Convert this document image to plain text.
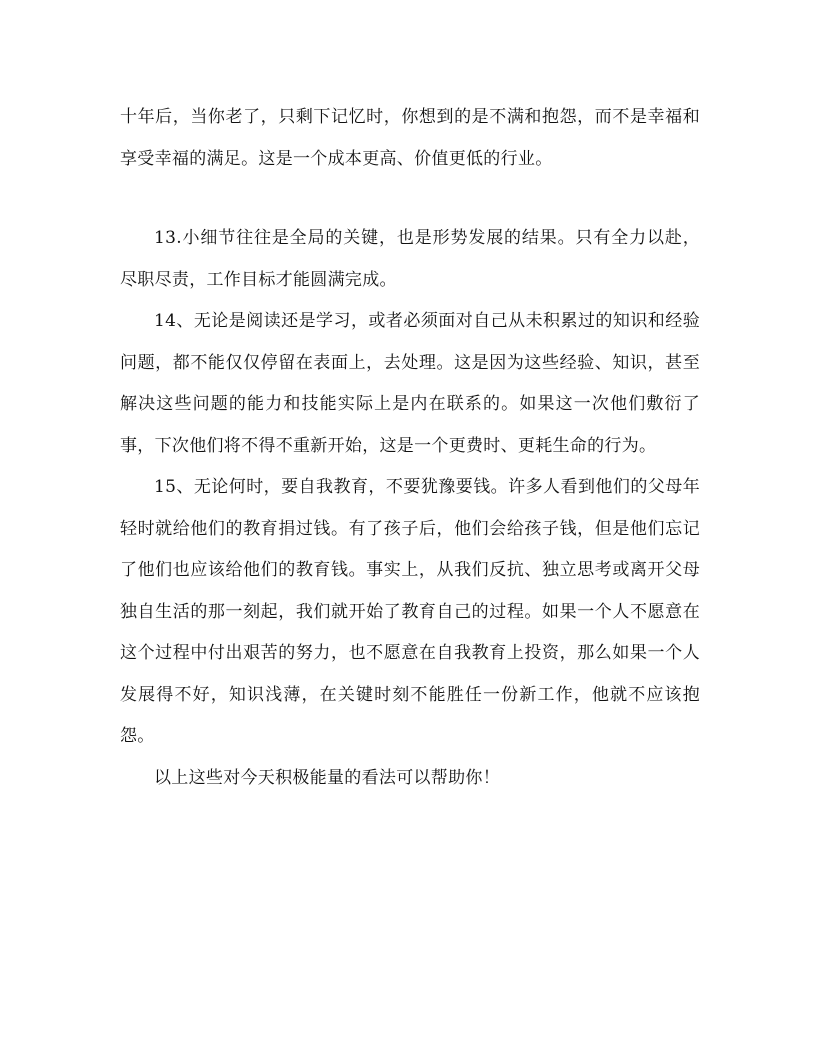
十年后，当你老了，只剩下记忆时，你想到的是不满和抱怨，而不是幸福和享受幸福的满足。这是一个成本更高、价值更低的行业。

13.小细节往往是全局的关键，也是形势发展的结果。只有全力以赴，尽职尽责，工作目标才能圆满完成。

14、无论是阅读还是学习，或者必须面对自己从未积累过的知识和经验问题，都不能仅仅停留在表面上，去处理。这是因为这些经验、知识，甚至解决这些问题的能力和技能实际上是内在联系的。如果这一次他们敷衍了事，下次他们将不得不重新开始，这是一个更费时、更耗生命的行为。

15、无论何时，要自我教育，不要犹豫要钱。许多人看到他们的父母年轻时就给他们的教育捐过钱。有了孩子后，他们会给孩子钱，但是他们忘记了他们也应该给他们的教育钱。事实上，从我们反抗、独立思考或离开父母独自生活的那一刻起，我们就开始了教育自己的过程。如果一个人不愿意在这个过程中付出艰苦的努力，也不愿意在自我教育上投资，那么如果一个人发展得不好，知识浅薄，在关键时刻不能胜任一份新工作，他就不应该抱怨。

以上这些对今天积极能量的看法可以帮助你！
